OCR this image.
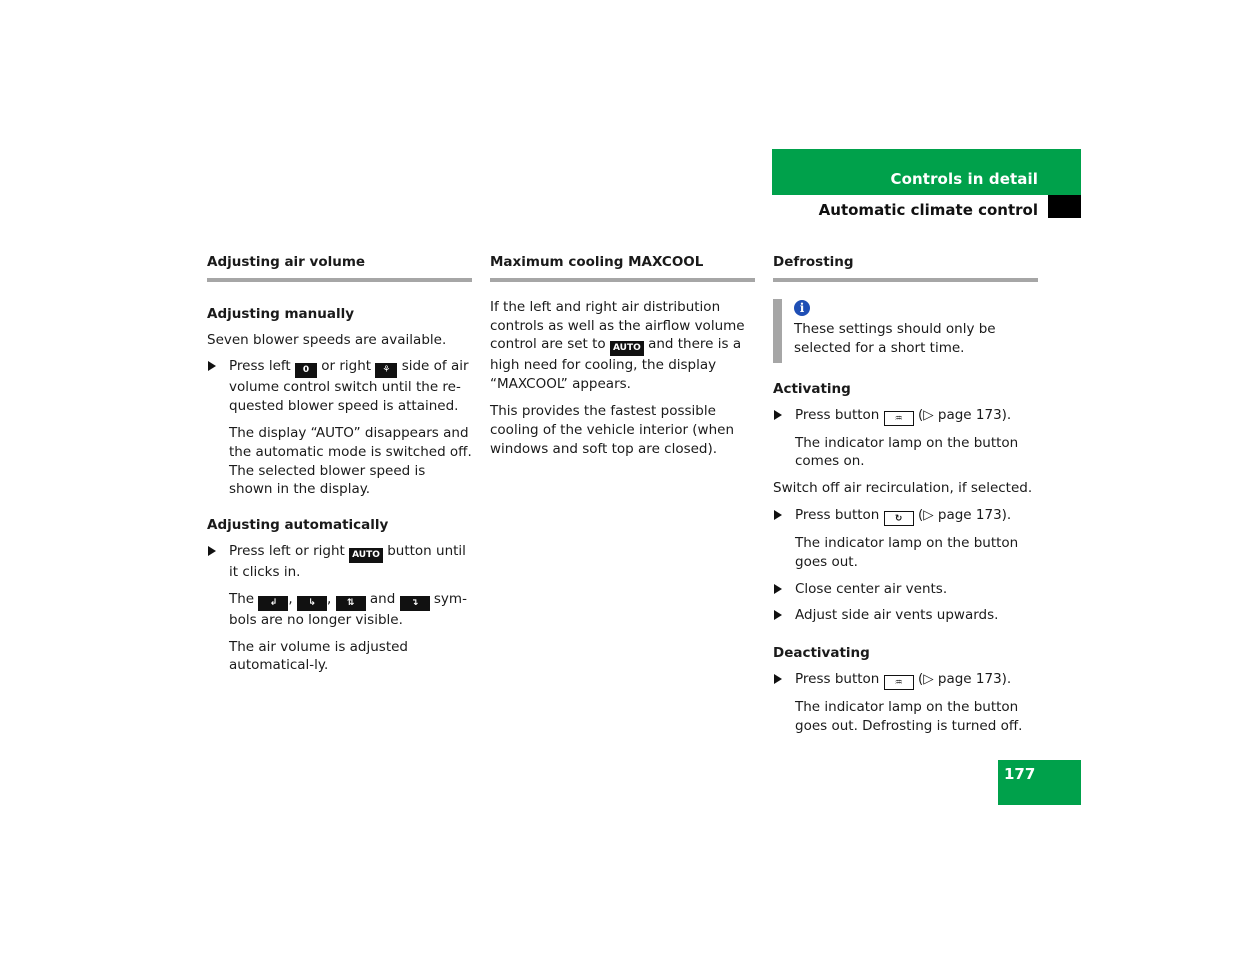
Controls in detail
Automatic climate control
Adjusting air volume
Adjusting manually

Seven blower speeds are available.

Press left 0 or right ⚘ side of air volume control switch until the re-quested blower speed is attained.

The display “AUTO” disappears and the automatic mode is switched off. The selected blower speed is shown in the display.

Adjusting automatically
Press left or right AUTO button until it clicks in.

The ↲ , ↳ , ⇅ and ↴ sym-bols are no longer visible.

The air volume is adjusted automatical-ly.

Maximum cooling MAXCOOL

If the left and right air distribution controls as well as the airflow volume control are set to AUTO and there is a high need for cooling, the display “MAXCOOL” appears.

This provides the fastest possible cooling of the vehicle interior (when windows and soft top are closed).

Defrosting
i
These settings should only be selected for a short time.
Activating
Press button ♒ (▷ page 173).

The indicator lamp on the button comes on.

Switch off air recirculation, if selected.

Press button ↻ (▷ page 173).

The indicator lamp on the button goes out.

Close center air vents.
Adjust side air vents upwards.
Deactivating
Press button ♒ (▷ page 173).

The indicator lamp on the button goes out. Defrosting is turned off.

177
